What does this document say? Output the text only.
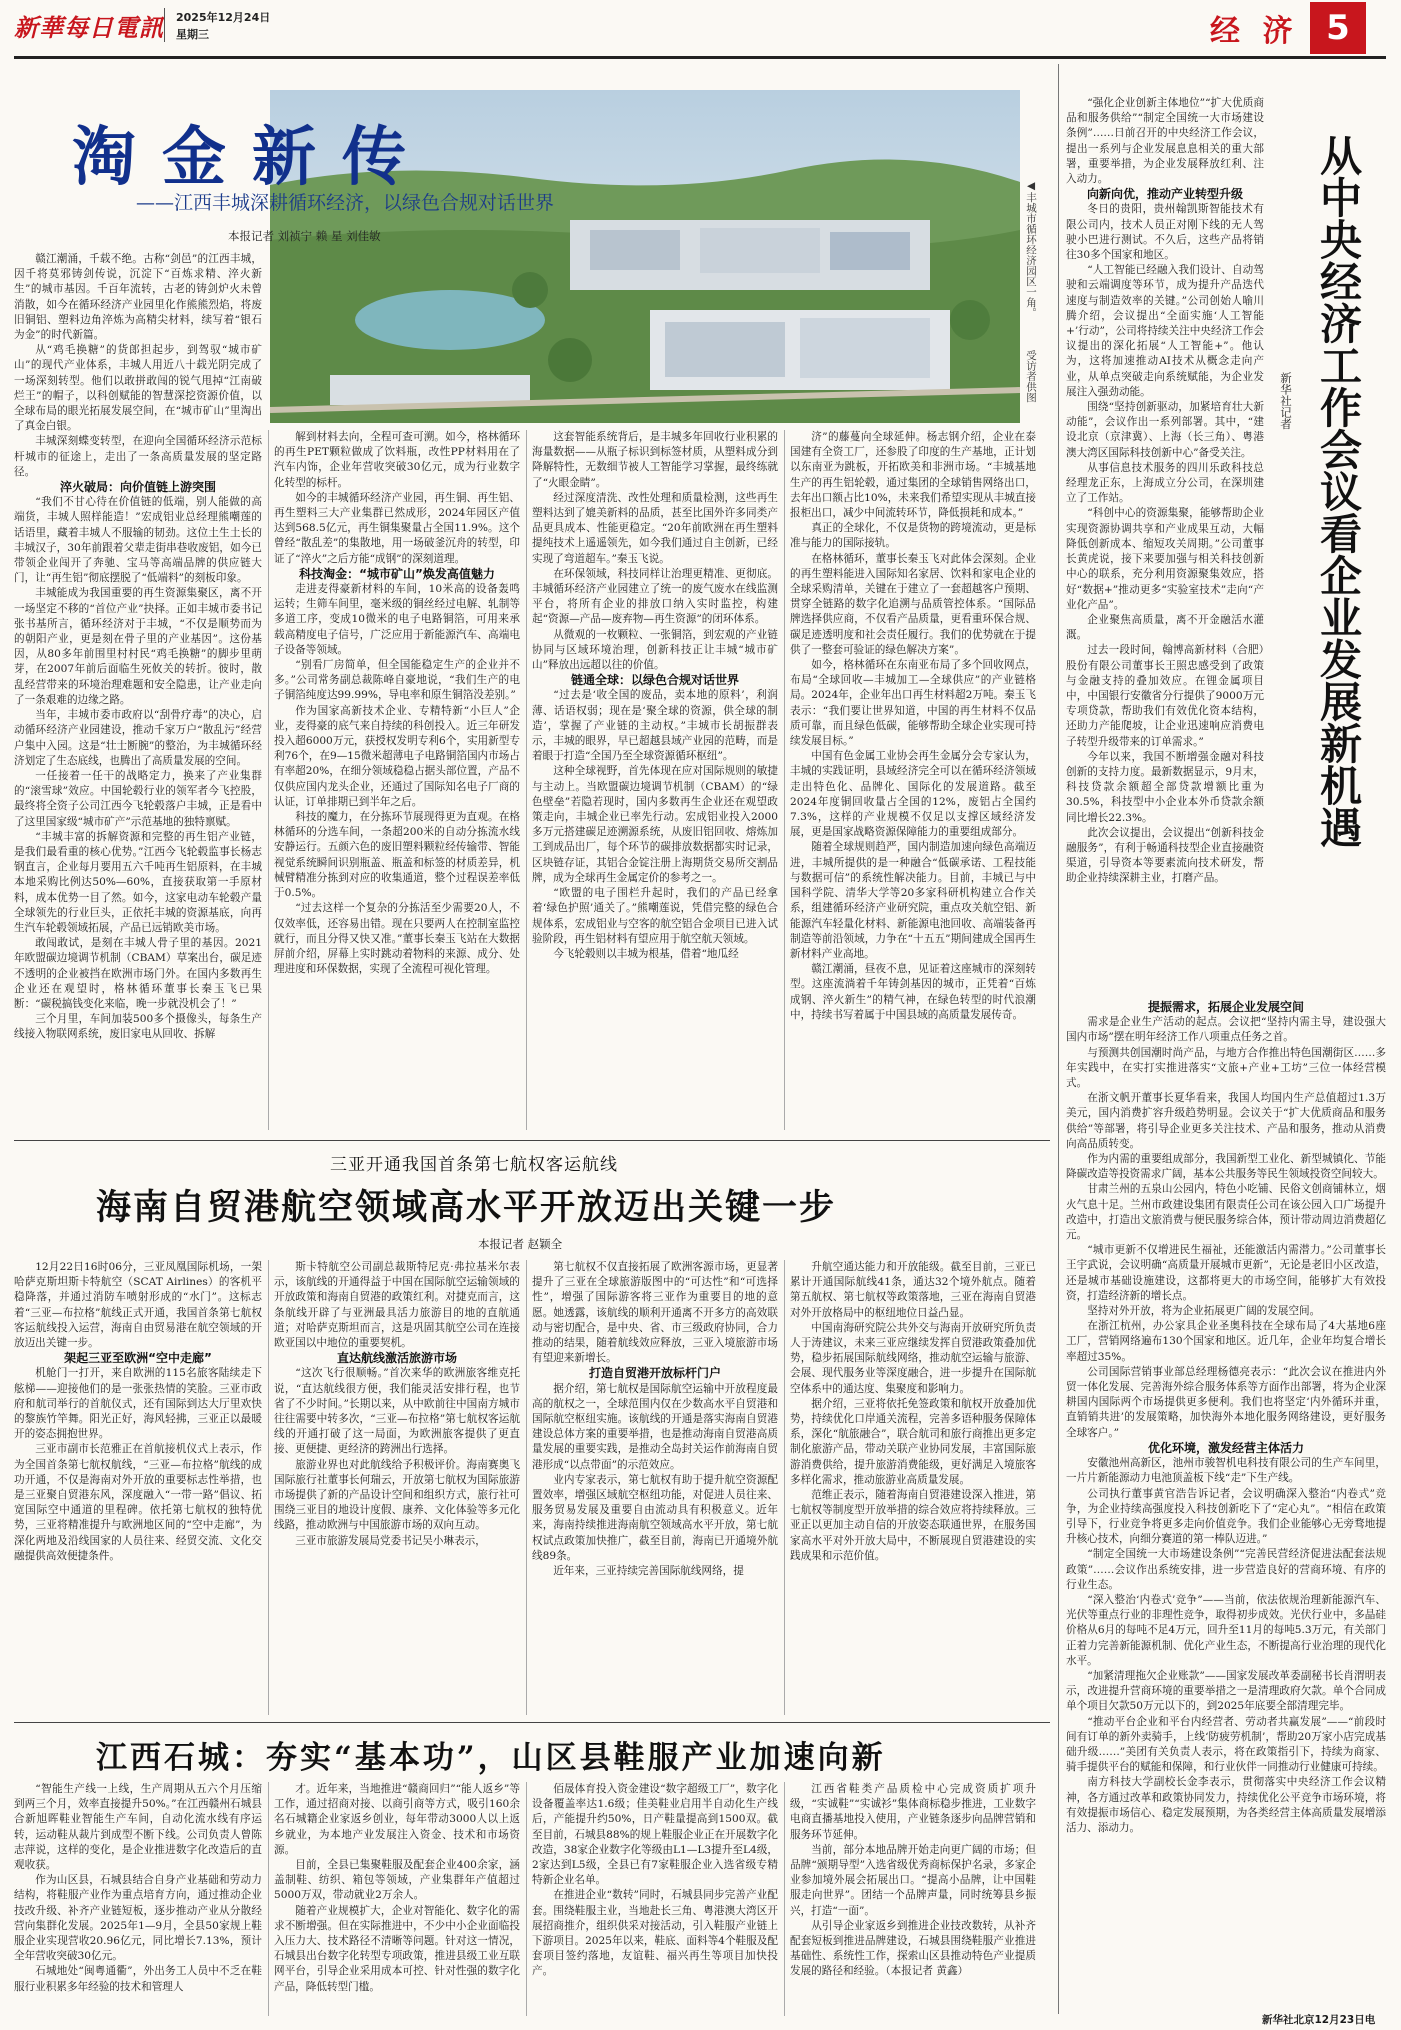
新華每日電訊 2025年12月24日
星期三	经 济 5
◀丰城市循环经济园区一角。
受访者供图
淘金新传
——江西丰城深耕循环经济，以绿色合规对话世界
本报记者 刘祯宁 赖 星 刘佳敏

赣江潮涌，千载不绝。古称“剑邑”的江西丰城，因千将莫邪铸剑传说，沉淀下“百炼求精、淬火新生”的城市基因。千百年流转，古老的铸剑炉火未曾消散，如今在循环经济产业园里化作熊熊烈焰，将废旧铜铝、塑料边角淬炼为高精尖材料，续写着“银石为金”的时代新篇。

从“鸡毛换糖”的货郎担起步，到驾驭“城市矿山”的现代产业体系，丰城人用近八十载光阴完成了一场深刻转型。他们以敢拼敢闯的锐气甩掉“江南破烂王”的帽子，以科创赋能的智慧深挖资源价值，以全球布局的眼光拓展发展空间，在“城市矿山”里淘出了真金白银。

丰城深刻蝶变转型，在迎向全国循环经济示范标杆城市的征途上，走出了一条高质量发展的坚定路径。

淬火破局：向价值链上游突围

“我们不甘心待在价值链的低端，别人能做的高端货，丰城人照样能造！”宏成铝业总经理熊嘲莲的话语里，藏着丰城人不服输的韧劲。这位土生土长的丰城汉子，30年前跟着父辈走街串巷收废铝，如今已带领企业闯开了奔驰、宝马等高端品牌的供应链大门，让“再生铝”彻底摆脱了“低端料”的刻板印象。

丰城能成为我国重要的再生资源集聚区，离不开一场坚定不移的“首位产业”抉择。正如丰城市委书记张书基所言，循环经济对于丰城，“不仅是顺势而为的朝阳产业，更是刻在骨子里的产业基因”。这份基因，从80多年前围里村村民“鸡毛换糖”的脚步里萌芽，在2007年前后面临生死攸关的转折。彼时，散乱经营带来的环境治理难题和安全隐患，让产业走向了一条艰难的边缘之路。

当年，丰城市委市政府以“刮骨疗毒”的决心，启动循环经济产业园建设，推动千家万户“散乱污”经营户集中入园。这是“壮士断腕”的整治，为丰城循环经济划定了生态底线，也腾出了高质量发展的空间。

一任接着一任干的战略定力，换来了产业集群的“滚雪球”效应。中国轮毂行业的领军者今飞控股，最终将全资子公司江西今飞轮毂落户丰城，正是看中了这里国家级“城市矿产”示范基地的独特禀赋。

“丰城丰富的拆解资源和完整的再生铝产业链，是我们最看重的核心优势。”江西今飞轮毂监事长杨志钢直言，企业每月要用五六千吨再生铝原料，在丰城本地采购比例达50%—60%，直接获取第一手原材料，成本优势一目了然。如今，这家电动车轮毂产量全球领先的行业巨头，正依托丰城的资源基底，向再生汽车轮毂领域拓展，产品已远销欧美市场。

敢闯敢试，是刻在丰城人骨子里的基因。2021年欧盟碳边境调节机制（CBAM）草案出台，碳足迹不透明的企业被挡在欧洲市场门外。在国内多数再生企业还在观望时，格林循环董事长秦玉飞已果断：“碳税搞钱变化来临，晚一步就没机会了！”

三个月里，车间加装500多个摄像头，每条生产线接入物联网系统，废旧家电从回收、拆解

解到材料去向，全程可查可溯。如今，格林循环的再生PET颗粒做成了饮料瓶，改性PP材料用在了汽车内饰，企业年营收突破30亿元，成为行业数字化转型的标杆。

如今的丰城循环经济产业园，再生铜、再生铝、再生塑料三大产业集群已然成形，2024年园区产值达到568.5亿元，再生铜集聚量占全国11.9%。这个曾经“散乱差”的集散地，用一场破釜沉舟的转型，印证了“淬火”之后方能“成钢”的深刻道理。

科技淘金：“城市矿山”焕发高值魅力

走进麦得豪新材料的车间，10米高的设备轰鸣运转；生筛车间里，毫米级的铜丝经过电解、轧制等多道工序，变成10微米的电子电路铜箔，可用来承载高精度电子信号，广泛应用于新能源汽车、高端电子设备等领域。

“别看厂房简单，但全国能稳定生产的企业并不多。”公司常务副总裁陈峰自豪地说，“我们生产的电子铜箔纯度达99.99%，导电率和原生铜箔没差别。”

作为国家高新技术企业、专精特新“小巨人”企业，麦得豪的底气来自持续的科创投入。近三年研发投入超6000万元，获授权发明专利6个，实用新型专利76个，在9—15微米超薄电子电路铜箔国内市场占有率超20%，在细分领域稳稳占据头部位置，产品不仅供应国内龙头企业，还通过了国际知名电子厂商的认证，订单排期已到半年之后。

科技的魔力，在分拣环节展现得更为直观。在格林循环的分选车间，一条超200米的自动分拣流水线安静运行。五颜六色的废旧塑料颗粒经传输带、智能视觉系统瞬间识别瓶盖、瓶盖和标签的材质差异，机械臂精准分拣到对应的收集通道，整个过程误差率低于0.5%。

“过去这样一个复杂的分拣活至少需要20人，不仅效率低，还容易出错。现在只要两人在控制室监控就行，而且分得又快又准。”董事长秦玉飞站在大数据屏前介绍，屏幕上实时跳动着物料的来源、成分、处理进度和环保数据，实现了全流程可视化管理。

这套智能系统背后，是丰城多年回收行业积累的海量数据——从瓶子标识到标签材质，从塑料成分到降解特性，无数细节被人工智能学习掌握，最终练就了“火眼金睛”。

经过深度清洗、改性处理和质量检测，这些再生塑料达到了媲美新料的品质，甚至比国外许多同类产品更具成本、性能更稳定。“20年前欧洲在再生塑料提纯技术上遥遥领先，如今我们通过自主创新，已经实现了弯道超车。”秦玉飞说。

在环保领域，科技同样让治理更精准、更彻底。丰城循环经济产业园建立了统一的废气废水在线监测平台，将所有企业的排放口纳入实时监控，构建起“资源—产品—废弃物—再生资源”的闭环体系。

从微观的一枚颗粒、一张铜箔，到宏观的产业链协同与区域环境治理，创新科技正让丰城“城市矿山”释放出远超以往的价值。

链通全球：以绿色合规对话世界

“过去是‘收全国的废品，卖本地的原料’，利润薄、话语权弱；现在是‘聚全球的资源，供全球的制造’，掌握了产业链的主动权。”丰城市长胡振群表示，丰城的眼界，早已超越县域产业园的范畴，而是着眼于打造“全国乃至全球资源循环枢纽”。

这种全球视野，首先体现在应对国际规则的敏捷与主动上。当欧盟碳边境调节机制（CBAM）的“绿色壁垒”若隐若现时，国内多数再生企业还在观望政策走向，丰城企业已率先行动。宏成铝业投入2000多万元搭建碳足迹溯源系统，从废旧铝回收、熔炼加工到成品出厂，每个环节的碳排放数据都实时记录，区块链存证，其铝合金锭注册上海期货交易所交割品牌，成为全球再生金属定价的参考之一。

“欧盟的电子围栏升起时，我们的产品已经拿着‘绿色护照’通关了。”熊嘲莲说，凭借完整的绿色合规体系，宏成铝业与空客的航空铝合金项目已进入试验阶段，再生铝材料有望应用于航空航天领域。

今飞轮毂则以丰城为根基，借着“地瓜经

济”的藤蔓向全球延伸。杨志钢介绍，企业在泰国建有全资工厂，还参股了印度的生产基地，正计划以东南亚为跳板，开拓欧美和非洲市场。“丰城基地生产的再生铝轮毂，通过集团的全球销售网络出口，去年出口额占比10%，未来我们希望实现从丰城直接报柜出口，减少中间流转环节，降低损耗和成本。”

真正的全球化，不仅是货物的跨境流动，更是标准与能力的国际接轨。

在格林循环，董事长秦玉飞对此体会深刻。企业的再生塑料能进入国际知名家居、饮料和家电企业的全球采购清单，关键在于建立了一套超越客户预期、贯穿全链路的数字化追溯与品质管控体系。“国际品牌选择供应商，不仅看产品质量，更看重环保合规、碳足迹透明度和社会责任履行。我们的优势就在于提供了一整套可验证的绿色解决方案”。

如今，格林循环在东南亚布局了多个回收网点，布局“全球回收—丰城加工—全球供应”的产业链格局。2024年，企业年出口再生材料超2万吨。秦玉飞表示：“我们要让世界知道，中国的再生材料不仅品质可靠，而且绿色低碳，能够帮助全球企业实现可持续发展目标。”

中国有色金属工业协会再生金属分会专家认为，丰城的实践证明，县域经济完全可以在循环经济领域走出特色化、品牌化、国际化的发展道路。截至2024年度铜回收量占全国的12%，废铝占全国约7.3%，这样的产业规模不仅足以支撑区域经济发展，更是国家战略资源保障能力的重要组成部分。

随着全球规则趋严，国内制造加速向绿色高端迈进，丰城所提供的是一种融合“低碳承诺、工程技能与数据可信”的系统性解决能力。目前，丰城已与中国科学院、清华大学等20多家科研机构建立合作关系，组建循环经济产业研究院，重点攻关航空铝、新能源汽车轻量化材料、新能源电池回收、高端装备再制造等前沿领域，力争在“十五五”期间建成全国再生新材料产业高地。

赣江潮涌，昼夜不息，见证着这座城市的深刻转型。这座流淌着千年铸剑基因的城市，正凭着“百炼成钢、淬火新生”的精气神，在绿色转型的时代浪潮中，持续书写着属于中国县域的高质量发展传奇。

三亚开通我国首条第七航权客运航线
海南自贸港航空领域高水平开放迈出关键一步
本报记者 赵颖全

12月22日16时06分，三亚凤凰国际机场，一架哈萨克斯坦斯卡特航空（SCAT Airlines）的客机平稳降落，并通过消防车喷射形成的“水门”。这标志着“三亚—布拉格”航线正式开通，我国首条第七航权客运航线投入运营，海南自由贸易港在航空领域的开放迈出关键一步。

架起三亚至欧洲“空中走廊”

机舱门一打开，来自欧洲的115名旅客陆续走下舷梯——迎接他们的是一张张热情的笑脸。三亚市政府和航司举行的首航仪式，还有国际到达大厅里欢快的黎族竹竿舞。阳光正好，海风轻拂，三亚正以最暖开的姿态拥抱世界。

三亚市副市长范雅正在首航接机仪式上表示，作为全国首条第七航权航线，“三亚—布拉格”航线的成功开通，不仅是海南对外开放的重要标志性举措，也是三亚聚自贸港东风，深度融入“一带一路”倡议、拓宽国际空中通道的里程碑。依托第七航权的独特优势，三亚将精准提升与欧洲地区间的“空中走廊”，为深化两地及沿线国家的人员往来、经贸交流、文化交融提供高效便捷条件。

斯卡特航空公司副总裁斯特尼克·弗拉基米尔表示，该航线的开通得益于中国在国际航空运输领域的开放政策和海南自贸港的政策红利。对捷克而言，这条航线开辟了与亚洲最具活力旅游目的地的直航通道；对哈萨克斯坦而言，这是巩固其航空公司在连接欧亚国以中地位的重要契机。

直达航线激活旅游市场

“这次飞行很顺畅。”首次来华的欧洲旅客维克托说，“直达航线很方便，我们能灵活安排行程，也节省了不少时间。”长期以来，从中欧前往中国南方城市往往需要中转多次，“三亚—布拉格”第七航权客运航线的开通打破了这一局面，为欧洲旅客提供了更直接、更便捷、更经济的跨洲出行选择。

旅游业界也对此航线给予积极评价。海南赛奥飞国际旅行社董事长何瑞云，开放第七航权为国际旅游市场提供了新的产品设计空间和组织方式，旅行社可围绕三亚目的地设计度假、康养、文化体验等多元化线路，推动欧洲与中国旅游市场的双向互动。

三亚市旅游发展局党委书记吴小琳表示，

第七航权不仅直接拓展了欧洲客源市场，更显著提升了三亚在全球旅游版图中的“可达性”和“可选择性”，增强了国际游客将三亚作为重要目的地的意愿。她透露，该航线的顺利开通离不开多方的高效联动与密切配合，是中央、省、市三级政府协同，合力推动的结果，随着航线效应释放，三亚入境旅游市场有望迎来新增长。

打造自贸港开放标杆门户

据介绍，第七航权是国际航空运输中开放程度最高的航权之一，全球范围内仅在少数高水平自贸港和国际航空枢纽实施。该航线的开通是落实海南自贸港建设总体方案的重要举措，也是推动海南自贸港高质量发展的重要实践，是推动全岛封关运作前海南自贸港形成“以点带面”的示范效应。

业内专家表示，第七航权有助于提升航空资源配置效率，增强区域航空枢纽功能，对促进人员往来、服务贸易发展及重要自由流动具有积极意义。近年来，海南持续推进海南航空领域高水平开放，第七航权试点政策加快推广，截至目前，海南已开通境外航线89条。

近年来，三亚持续完善国际航线网络，提

升航空通达能力和开放能级。截至目前，三亚已累计开通国际航线41条，通达32个境外航点。随着第五航权、第七航权等政策落地，三亚在海南自贸港对外开放格局中的枢纽地位日益凸显。

中国南海研究院公共外交与海南开放研究所负责人于涛建议，未来三亚应继续发挥自贸港政策叠加优势，稳步拓展国际航线网络，推动航空运输与旅游、会展、现代服务业等深度融合，进一步提升在国际航空体系中的通达度、集聚度和影响力。

据介绍，三亚将依托免签政策和航权开放叠加优势，持续优化口岸通关流程，完善多语种服务保障体系，深化“航旅融合”，联合航司和旅行商推出更多定制化旅游产品，带动关联产业协同发展，丰富国际旅游消费供给，提升旅游消费能级，更好满足入境旅客多样化需求，推动旅游业高质量发展。

范维正表示，随着海南自贸港建设深入推进，第七航权等制度型开放举措的综合效应将持续释放。三亚正以更加主动自信的开放姿态联通世界，在服务国家高水平对外开放大局中，不断展现自贸港建设的实践成果和示范价值。

江西石城：夯实“基本功”，山区县鞋服产业加速向新

“智能生产线一上线，生产周期从五六个月压缩到两三个月，效率直接提升50%。”在江西赣州石城县合新旭晖鞋业智能生产车间，自动化流水线有序运转，运动鞋从裁片到成型不断下线。公司负责人曾陈志萍说，这样的变化，是企业推进数字化改造后的直观收获。

作为山区县，石城县结合自身产业基础和劳动力结构，将鞋服产业作为重点培育方向，通过推动企业技改升级、补齐产业链短板，逐步推动产业从分散经营向集群化发展。2025年1—9月，全县50家规上鞋服企业实现营收20.96亿元，同比增长7.13%，预计全年营收突破30亿元。

石城地处“闽粤通衢”，外出务工人员中不乏在鞋服行业积累多年经验的技术和管理人

才。近年来，当地推进“赣商回归”“能人返乡”等工作，通过招商对接、以商引商等方式，吸引160余名石城籍企业家返乡创业，每年带动3000人以上返乡就业，为本地产业发展注入资金、技术和市场资源。

目前，全县已集聚鞋服及配套企业400余家，涵盖制鞋、纺织、箱包等领域，产业集群年产值超过5000万双，带动就业2万余人。

随着产业规模扩大，企业对智能化、数字化的需求不断增强。但在实际推进中，不少中小企业面临投入压力大、技术路径不清晰等问题。针对这一情况，石城县出台数字化转型专项政策，推进县级工业互联网平台，引导企业采用成本可控、针对性强的数字化产品，降低转型门槛。

佰晟体育投入资金建设“数字超级工厂”，数字化设备覆盖率达1.6级；佳美鞋业启用半自动化生产线后，产能提升约50%，日产鞋量提高到1500双。截至目前，石城县88%的规上鞋服企业正在开展数字化改造，38家企业数字化等级由L1—L3提升至L4级，2家达到L5级，全县已有7家鞋服企业入选省级专精特新企业名单。

在推进企业“数转”同时，石城县同步完善产业配套。围绕鞋服主业，当地赴长三角、粤港澳大湾区开展招商推介，组织供采对接活动，引入鞋服产业链上下游项目。2025年以来，鞋底、面料等4个鞋服及配套项目签约落地，友谊鞋、福兴再生等项目加快投产。

江西省鞋类产品质检中心完成资质扩项升级，“实诚鞋”“实诚衫”集体商标稳步推进，工业数字电商直播基地投入使用，产业链条逐步向品牌营销和服务环节延伸。

当前，部分本地品牌开始走向更广阔的市场；但品牌“颁期导型”入选省级优秀商标保护名录，多家企业参加境外展会拓展出口。“提高小品牌，让中国鞋服走向世界”。团结一个品牌声量，同时统筹县乡振兴，打造“一面”。

从引导企业家返乡到推进企业技改数转，从补齐配套短板到推进品牌建设，石城县围绕鞋服产业推进基础性、系统性工作，探索山区县推动特色产业提质发展的路径和经验。（本报记者 黄鑫）

从中央经济工作会议看企业发展新机遇
新华社记者

“强化企业创新主体地位”“扩大优质商品和服务供给”“制定全国统一大市场建设条例”……日前召开的中央经济工作会议，提出一系列与企业发展息息相关的重大部署，重要举措，为企业发展释放红利、注入动力。

向新向优，推动产业转型升级

冬日的贵阳，贵州翰凯斯智能技术有限公司内，技术人员正对刚下线的无人驾驶小巴进行测试。不久后，这些产品将销往30多个国家和地区。

“人工智能已经融入我们设计、自动驾驶和云端调度等环节，成为提升产品迭代速度与制造效率的关键。”公司创始人喻川腾介绍，会议提出“全面实施‘人工智能+’行动”，公司将持续关注中央经济工作会议提出的深化拓展“人工智能+”。他认为，这将加速推动AI技术从概念走向产业，从单点突破走向系统赋能，为企业发展注入强劲动能。

围绕“坚持创新驱动，加紧培育壮大新动能”，会议作出一系列部署。其中，“建设北京（京津冀）、上海（长三角）、粤港澳大湾区国际科技创新中心”备受关注。

从事信息技术服务的四川乐政科技总经理龙正东，上海成立分公司，在深圳建立了工作站。

“科创中心的资源集聚，能够帮助企业实现资源协调共享和产业成果互动，大幅降低创新成本、缩短攻关周期。”公司董事长黄虎说，接下来要加强与相关科技创新中心的联系，充分利用资源聚集效应，搭好“数据+”推动更多“实验室技术”走向“产业化产品”。

企业聚焦高质量，离不开金融活水灌溉。

过去一段时间，翰博高新材料（合肥）股份有限公司董事长王照忠感受到了政策与金融支持的叠加效应。在锂金属项目中，中国银行安徽省分行提供了9000万元专项贷款，帮助我们有效优化资本结构，还助力产能爬坡，让企业迅速响应消费电子转型升级带来的订单需求。”

今年以来，我国不断增强金融对科技创新的支持力度。最新数据显示，9月末，科技贷款余额超全部贷款增额比重为30.5%，科技型中小企业本外币贷款余额同比增长22.3%。

此次会议提出，会议提出“创新科技金融服务”，有利于畅通科技型企业直接融资渠道，引导资本等要素流向技术研发，帮助企业持续深耕主业，打磨产品。

提振需求，拓展企业发展空间

需求是企业生产活动的起点。会议把“坚持内需主导，建设强大国内市场”摆在明年经济工作八项重点任务之首。

与预测共创国潮时尚产品，与地方合作推出特色国潮街区……多年实践中，在实打实推进落实“文旅+产业+工坊”三位一体经营模式。

在浙文帆开董事长夏华看来，我国人均国内生产总值超过1.3万美元，国内消费扩容升级趋势明显。会议关于“扩大优质商品和服务供给”等部署，将引导企业更多关注技术、产品和服务，推动从消费向高品质转变。

作为内需的重要组成部分，我国新型工业化、新型城镇化、节能降碳改造等投资需求广阔，基本公共服务等民生领域投资空间较大。

甘肃兰州的五泉山公园内，特色小吃铺、民俗文创商铺林立，烟火气息十足。兰州市政建设集团有限责任公司在该公园入口广场提升改造中，打造出文旅消费与便民服务综合体，预计带动周边消费超亿元。

“城市更新不仅增进民生福祉，还能激活内需潜力。”公司董事长王宇武说，会议明确“高质量开展城市更新”，无论是老旧小区改造，还是城市基础设施建设，这都将更大的市场空间，能够扩大有效投资，打造经济新的增长点。

坚持对外开放，将为企业拓展更广阔的发展空间。

在浙江杭州，办公家具企业圣奥科技在全球布局了4大基地6座工厂，营销网络遍布130个国家和地区。近几年，企业年均复合增长率超过35%。

公司国际营销事业部总经理杨德亮表示：“此次会议在推进内外贸一体化发展、完善海外综合服务体系等方面作出部署，将为企业深耕国内国际两个市场提供更多便利。我们也将坚定‘内外循环并重，直销销共进’的发展策略，加快海外本地化服务网络建设，更好服务全球客户。”

优化环境，激发经营主体活力

安徽池州高新区，池州市骏智机电科技有限公司的生产车间里，一片片新能源动力电池顶盖板下线“走”下生产线。

公司执行董事黄官浩告诉记者，会议明确深入整治“内卷式”竞争，为企业持续高强度投入科技创新吃下了“定心丸”。“相信在政策引导下，行业竞争将更多走向价值竞争。我们企业能够心无旁骛地提升核心技术，向细分赛道的第一棒队迈进。”

“制定全国统一大市场建设条例”“完善民营经济促进法配套法规政策”……会议作出系统安排，进一步营造良好的营商环境、有序的行业生态。

“深入整治‘内卷式’竞争”——当前，依法依规治理新能源汽车、光伏等重点行业的非理性竞争，取得初步成效。光伏行业中，多晶硅价格从6月的每吨不足4万元，回升至11月的每吨5.3万元，有关部门正着力完善新能源机制、优化产业生态，不断提高行业治理的现代化水平。

“加紧清理拖欠企业账款”——国家发展改革委副秘书长肖渭明表示，改进提升营商环境的重要举措之一是清理政府欠款。单个合同成单个项目欠款50万元以下的，到2025年底要全部清理完毕。

“推动平台企业和平台内经营者、劳动者共赢发展”——“前段时间有订单的新外卖骑手，上线‘防疲劳机制’，帮助20万家小店完成基础升级……”美团有关负责人表示，将在政策指引下，持续为商家、骑手提供平台的赋能和保障，和行业伙伴一同推动行业健康可持续。

南方科技大学副校长金李表示，贯彻落实中央经济工作会议精神，各方通过改革和政策协同发力，持续优化公平竞争市场环境，将有效提振市场信心、稳定发展预期，为各类经营主体高质量发展增添活力、添动力。

新华社北京12月23日电
